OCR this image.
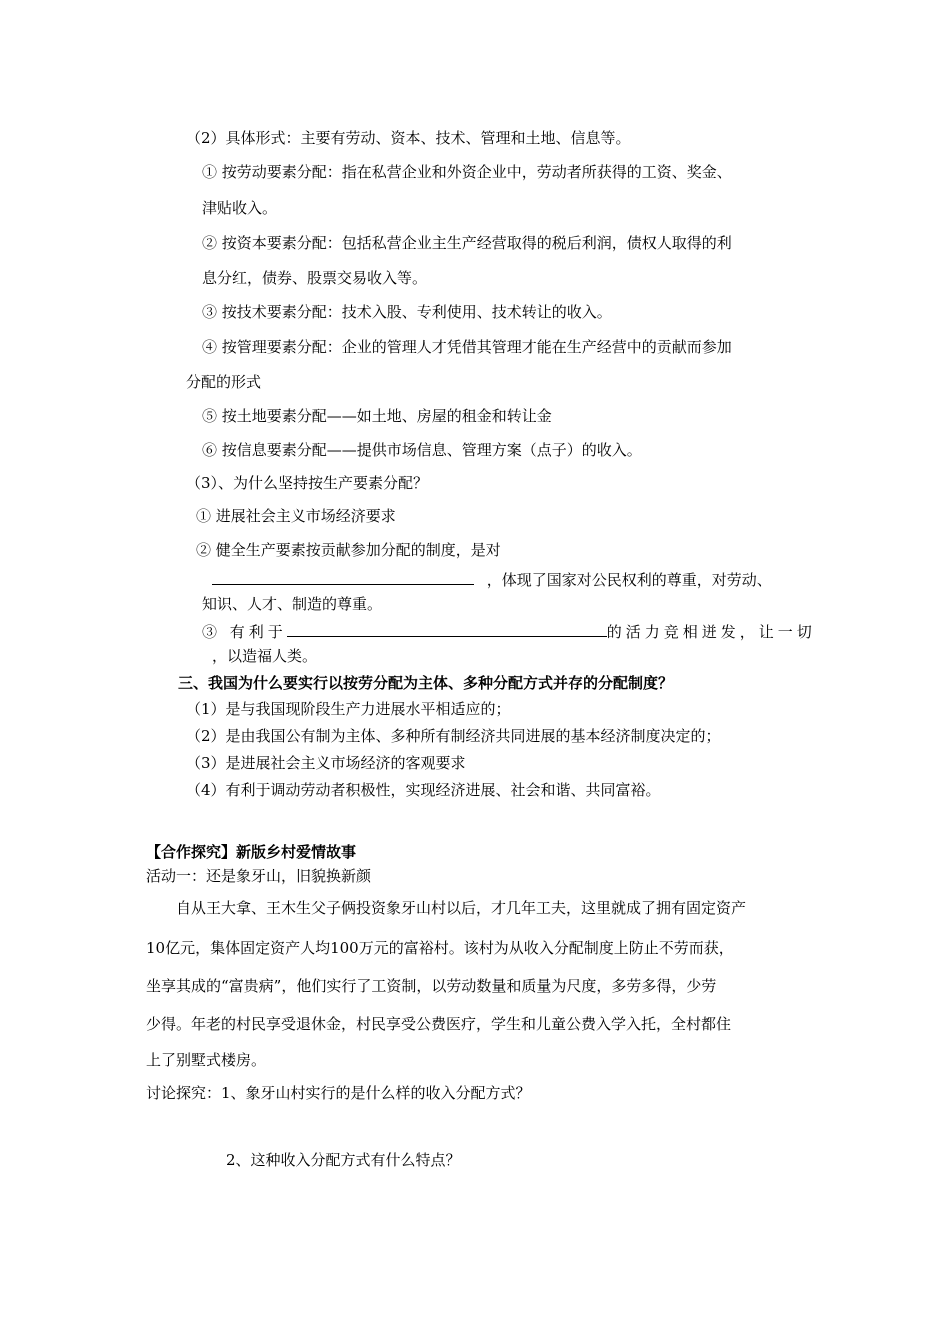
（2）具体形式：主要有劳动、资本、技术、管理和土地、信息等。
① 按劳动要素分配：指在私营企业和外资企业中，劳动者所获得的工资、奖金、
津贴收入。
② 按资本要素分配：包括私营企业主生产经营取得的税后利润，债权人取得的利
息分红，债券、股票交易收入等。
③ 按技术要素分配：技术入股、专利使用、技术转让的收入。
④ 按管理要素分配：企业的管理人才凭借其管理才能在生产经营中的贡献而参加
分配的形式
⑤ 按土地要素分配——如土地、房屋的租金和转让金
⑥ 按信息要素分配——提供市场信息、管理方案（点子）的收入。
（3）、为什么坚持按生产要素分配？
① 进展社会主义市场经济要求
② 健全生产要素按贡献参加分配的制度，是对
，体现了国家对公民权利的尊重，对劳动、
知识、人才、制造的尊重。
③ 有利于	的活力竞相迸发，让一切
，以造福人类。
三、我国为什么要实行以按劳分配为主体、多种分配方式并存的分配制度？
（1）是与我国现阶段生产力进展水平相适应的；
（2）是由我国公有制为主体、多种所有制经济共同进展的基本经济制度决定的；
（3）是进展社会主义市场经济的客观要求
（4）有利于调动劳动者积极性，实现经济进展、社会和谐、共同富裕。
【合作探究】新版乡村爱情故事
活动一：还是象牙山，旧貌换新颜
自从王大拿、王木生父子俩投资象牙山村以后，才几年工夫，这里就成了拥有固定资产
10亿元，集体固定资产人均100万元的富裕村。该村为从收入分配制度上防止不劳而获，
坐享其成的“富贵病”，他们实行了工资制，以劳动数量和质量为尺度，多劳多得，少劳
少得。年老的村民享受退休金，村民享受公费医疗，学生和儿童公费入学入托，全村都住
上了别墅式楼房。
讨论探究：1、象牙山村实行的是什么样的收入分配方式？
2、这种收入分配方式有什么特点？
